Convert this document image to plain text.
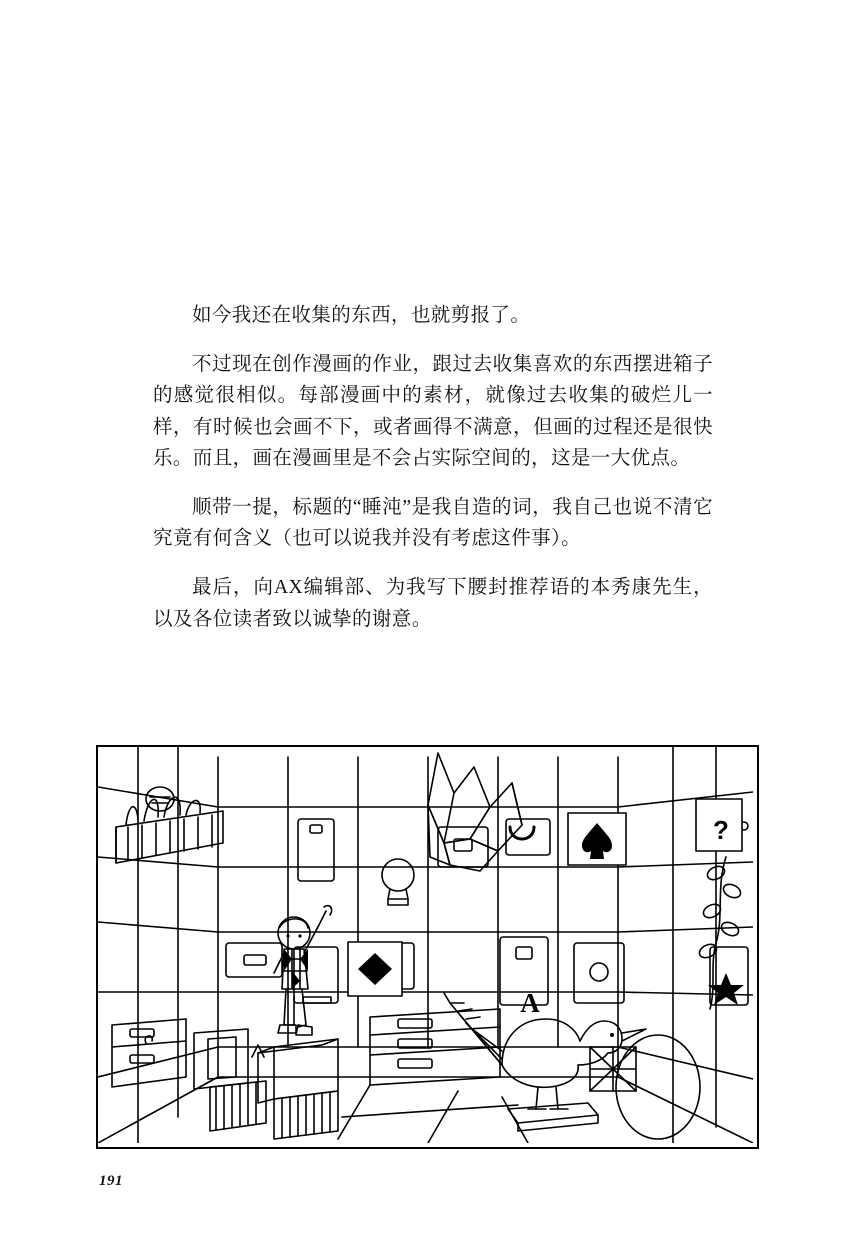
如今我还在收集的东西，也就剪报了。

不过现在创作漫画的作业，跟过去收集喜欢的东西摆进箱子的感觉很相似。每部漫画中的素材，就像过去收集的破烂儿一样，有时候也会画不下，或者画得不满意，但画的过程还是很快乐。而且，画在漫画里是不会占实际空间的，这是一大优点。

顺带一提，标题的“睡沌”是我自造的词，我自己也说不清它究竟有何含义（也可以说我并没有考虑这件事）。

最后，向AX编辑部、为我写下腰封推荐语的本秀康先生，以及各位读者致以诚挚的谢意。

?
A
191
